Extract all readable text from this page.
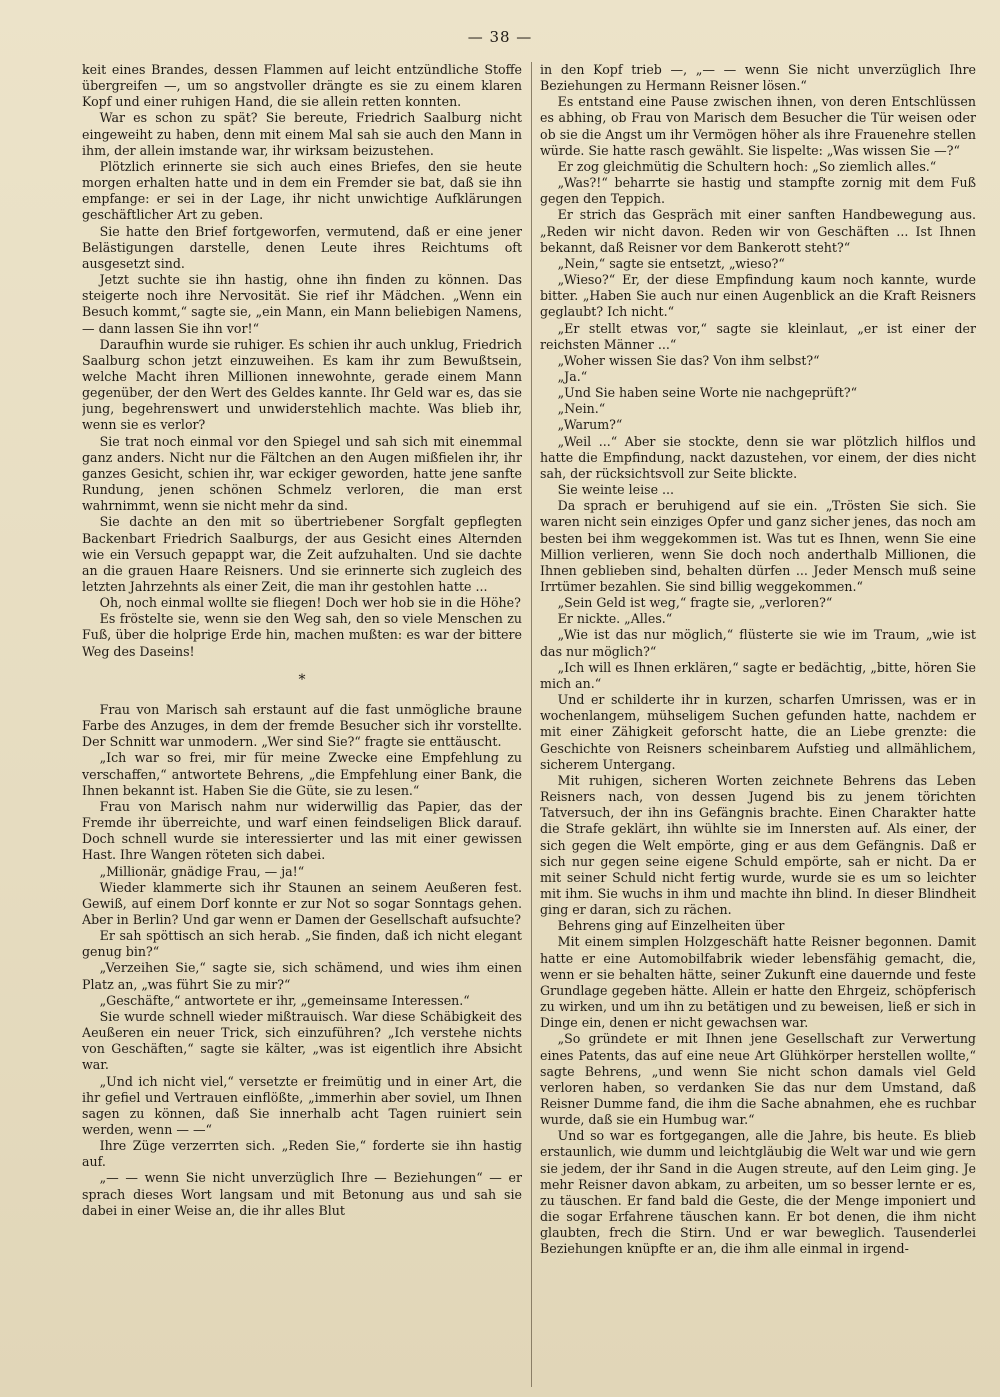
— 38 —

keit eines Brandes, dessen Flammen auf leicht entzündliche Stoffe übergreifen —, um so angstvoller drängte es sie zu einem klaren Kopf und einer ruhigen Hand, die sie allein retten konnten.

War es schon zu spät? Sie bereute, Friedrich Saalburg nicht eingeweiht zu haben, denn mit einem Mal sah sie auch den Mann in ihm, der allein imstande war, ihr wirksam beizustehen.

Plötzlich erinnerte sie sich auch eines Briefes, den sie heute morgen erhalten hatte und in dem ein Fremder sie bat, daß sie ihn empfange: er sei in der Lage, ihr nicht unwichtige Aufklärungen geschäftlicher Art zu geben.

Sie hatte den Brief fortgeworfen, vermutend, daß er eine jener Belästigungen darstelle, denen Leute ihres Reichtums oft ausgesetzt sind.

Jetzt suchte sie ihn hastig, ohne ihn finden zu können. Das steigerte noch ihre Nervosität. Sie rief ihr Mädchen. „Wenn ein Besuch kommt,“ sagte sie, „ein Mann, ein Mann beliebigen Namens, — dann lassen Sie ihn vor!“

Daraufhin wurde sie ruhiger. Es schien ihr auch unklug, Friedrich Saalburg schon jetzt einzuweihen. Es kam ihr zum Bewußtsein, welche Macht ihren Millionen innewohnte, gerade einem Mann gegenüber, der den Wert des Geldes kannte. Ihr Geld war es, das sie jung, begehrenswert und unwiderstehlich machte. Was blieb ihr, wenn sie es verlor?

Sie trat noch einmal vor den Spiegel und sah sich mit einemmal ganz anders. Nicht nur die Fältchen an den Augen mißfielen ihr, ihr ganzes Gesicht, schien ihr, war eckiger geworden, hatte jene sanfte Rundung, jenen schönen Schmelz verloren, die man erst wahrnimmt, wenn sie nicht mehr da sind.

Sie dachte an den mit so übertriebener Sorgfalt gepflegten Backenbart Friedrich Saalburgs, der aus Gesicht eines Alternden wie ein Versuch gepappt war, die Zeit aufzuhalten. Und sie dachte an die grauen Haare Reisners. Und sie erinnerte sich zugleich des letzten Jahrzehnts als einer Zeit, die man ihr gestohlen hatte ...

Oh, noch einmal wollte sie fliegen! Doch wer hob sie in die Höhe?

Es fröstelte sie, wenn sie den Weg sah, den so viele Menschen zu Fuß, über die holprige Erde hin, machen mußten: es war der bittere Weg des Daseins!

*

Frau von Marisch sah erstaunt auf die fast unmögliche braune Farbe des Anzuges, in dem der fremde Besucher sich ihr vorstellte. Der Schnitt war unmodern. „Wer sind Sie?“ fragte sie enttäuscht.

„Ich war so frei, mir für meine Zwecke eine Empfehlung zu verschaffen,“ antwortete Behrens, „die Empfehlung einer Bank, die Ihnen bekannt ist. Haben Sie die Güte, sie zu lesen.“

Frau von Marisch nahm nur widerwillig das Papier, das der Fremde ihr überreichte, und warf einen feindseligen Blick darauf. Doch schnell wurde sie interessierter und las mit einer gewissen Hast. Ihre Wangen röteten sich dabei.

„Millionär, gnädige Frau, — ja!“

Wieder klammerte sich ihr Staunen an seinem Aeußeren fest. Gewiß, auf einem Dorf konnte er zur Not so sogar Sonntags gehen. Aber in Berlin? Und gar wenn er Damen der Gesellschaft aufsuchte?

Er sah spöttisch an sich herab. „Sie finden, daß ich nicht elegant genug bin?“

„Verzeihen Sie,“ sagte sie, sich schämend, und wies ihm einen Platz an, „was führt Sie zu mir?“

„Geschäfte,“ antwortete er ihr, „gemeinsame Interessen.“

Sie wurde schnell wieder mißtrauisch. War diese Schäbigkeit des Aeußeren ein neuer Trick, sich einzuführen? „Ich verstehe nichts von Geschäften,“ sagte sie kälter, „was ist eigentlich ihre Absicht war.

„Und ich nicht viel,“ versetzte er freimütig und in einer Art, die ihr gefiel und Vertrauen einflößte, „immerhin aber soviel, um Ihnen sagen zu können, daß Sie innerhalb acht Tagen ruiniert sein werden, wenn — —“

Ihre Züge verzerrten sich. „Reden Sie,“ forderte sie ihn hastig auf.

„— — wenn Sie nicht unverzüglich Ihre — Beziehungen“ — er sprach dieses Wort langsam und mit Betonung aus und sah sie dabei in einer Weise an, die ihr alles Blut

in den Kopf trieb —, „— — wenn Sie nicht unverzüglich Ihre Beziehungen zu Hermann Reisner lösen.“

Es entstand eine Pause zwischen ihnen, von deren Entschlüssen es abhing, ob Frau von Marisch dem Besucher die Tür weisen oder ob sie die Angst um ihr Vermögen höher als ihre Frauenehre stellen würde. Sie hatte rasch gewählt. Sie lispelte: „Was wissen Sie —?“

Er zog gleichmütig die Schultern hoch: „So ziemlich alles.“

„Was?!“ beharrte sie hastig und stampfte zornig mit dem Fuß gegen den Teppich.

Er strich das Gespräch mit einer sanften Handbewegung aus. „Reden wir nicht davon. Reden wir von Geschäften ... Ist Ihnen bekannt, daß Reisner vor dem Bankerott steht?“

„Nein,“ sagte sie entsetzt, „wieso?“

„Wieso?“ Er, der diese Empfindung kaum noch kannte, wurde bitter. „Haben Sie auch nur einen Augenblick an die Kraft Reisners geglaubt? Ich nicht.“

„Er stellt etwas vor,“ sagte sie kleinlaut, „er ist einer der reichsten Männer ...“

„Woher wissen Sie das? Von ihm selbst?“

„Ja.“

„Und Sie haben seine Worte nie nachgeprüft?“

„Nein.“

„Warum?“

„Weil ...“ Aber sie stockte, denn sie war plötzlich hilflos und hatte die Empfindung, nackt dazustehen, vor einem, der dies nicht sah, der rücksichtsvoll zur Seite blickte.

Sie weinte leise ...

Da sprach er beruhigend auf sie ein. „Trösten Sie sich. Sie waren nicht sein einziges Opfer und ganz sicher jenes, das noch am besten bei ihm weggekommen ist. Was tut es Ihnen, wenn Sie eine Million verlieren, wenn Sie doch noch anderthalb Millionen, die Ihnen geblieben sind, behalten dürfen ... Jeder Mensch muß seine Irrtümer bezahlen. Sie sind billig weggekommen.“

„Sein Geld ist weg,“ fragte sie, „verloren?“

Er nickte. „Alles.“

„Wie ist das nur möglich,“ flüsterte sie wie im Traum, „wie ist das nur möglich?“

„Ich will es Ihnen erklären,“ sagte er bedächtig, „bitte, hören Sie mich an.“

Und er schilderte ihr in kurzen, scharfen Umrissen, was er in wochenlangem, mühseligem Suchen gefunden hatte, nachdem er mit einer Zähigkeit geforscht hatte, die an Liebe grenzte: die Geschichte von Reisners scheinbarem Aufstieg und allmählichem, sicherem Untergang.

Mit ruhigen, sicheren Worten zeichnete Behrens das Leben Reisners nach, von dessen Jugend bis zu jenem törichten Tatversuch, der ihn ins Gefängnis brachte. Einen Charakter hatte die Strafe geklärt, ihn wühlte sie im Innersten auf. Als einer, der sich gegen die Welt empörte, ging er aus dem Gefängnis. Daß er sich nur gegen seine eigene Schuld empörte, sah er nicht. Da er mit seiner Schuld nicht fertig wurde, wurde sie es um so leichter mit ihm. Sie wuchs in ihm und machte ihn blind. In dieser Blindheit ging er daran, sich zu rächen.

Behrens ging auf Einzelheiten über

Mit einem simplen Holzgeschäft hatte Reisner begonnen. Damit hatte er eine Automobilfabrik wieder lebensfähig gemacht, die, wenn er sie behalten hätte, seiner Zukunft eine dauernde und feste Grundlage gegeben hätte. Allein er hatte den Ehrgeiz, schöpferisch zu wirken, und um ihn zu betätigen und zu beweisen, ließ er sich in Dinge ein, denen er nicht gewachsen war.

„So gründete er mit Ihnen jene Gesellschaft zur Verwertung eines Patents, das auf eine neue Art Glühkörper herstellen wollte,“ sagte Behrens, „und wenn Sie nicht schon damals viel Geld verloren haben, so verdanken Sie das nur dem Umstand, daß Reisner Dumme fand, die ihm die Sache abnahmen, ehe es ruchbar wurde, daß sie ein Humbug war.“

Und so war es fortgegangen, alle die Jahre, bis heute. Es blieb erstaunlich, wie dumm und leichtgläubig die Welt war und wie gern sie jedem, der ihr Sand in die Augen streute, auf den Leim ging. Je mehr Reisner davon abkam, zu arbeiten, um so besser lernte er es, zu täuschen. Er fand bald die Geste, die der Menge imponiert und die sogar Erfahrene täuschen kann. Er bot denen, die ihm nicht glaubten, frech die Stirn. Und er war beweglich. Tausenderlei Beziehungen knüpfte er an, die ihm alle einmal in irgend-
